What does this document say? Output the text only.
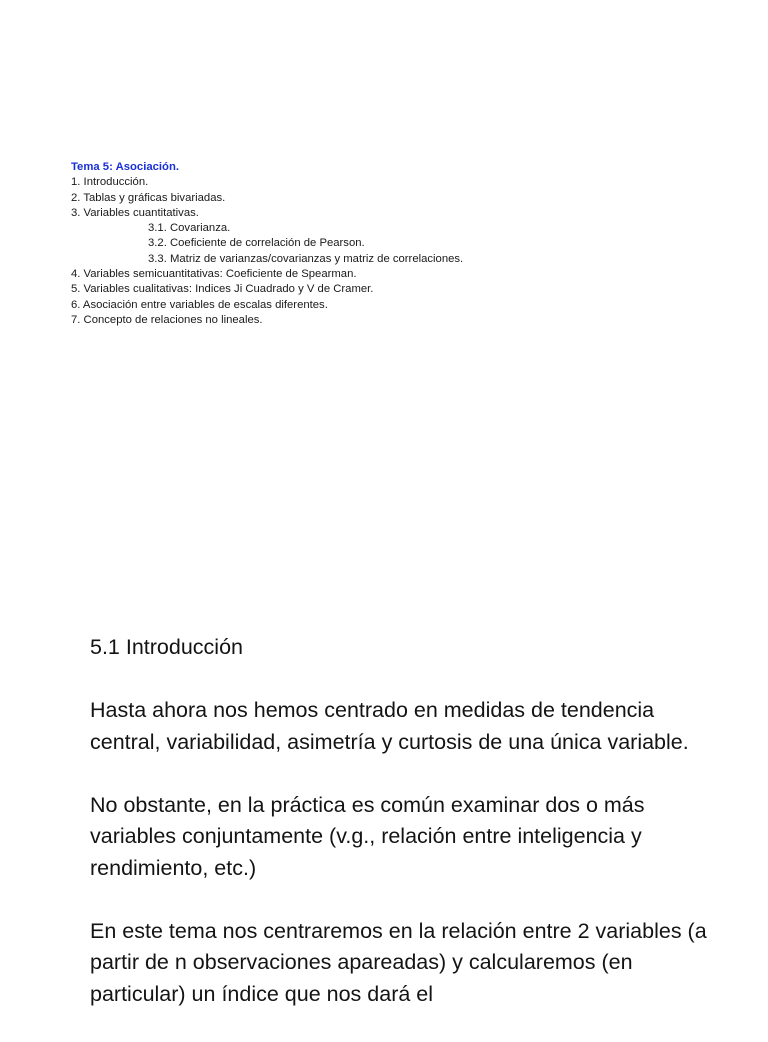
Tema 5: Asociación.
1. Introducción.
2. Tablas y gráficas bivariadas.
3. Variables cuantitativas.
3.1. Covarianza.
3.2. Coeficiente de correlación de Pearson.
3.3. Matriz de varianzas/covarianzas y matriz de correlaciones.
4. Variables semicuantitativas: Coeficiente de Spearman.
5. Variables cualitativas: Indices Ji Cuadrado y V de Cramer.
6. Asociación entre variables de escalas diferentes.
7. Concepto de relaciones no lineales.

5.1 Introducción

Hasta ahora nos hemos centrado en medidas de tendencia central, variabilidad, asimetría y curtosis de una única variable.

No obstante, en la práctica es común examinar dos o más variables conjuntamente (v.g., relación entre inteligencia y rendimiento, etc.)

En este tema nos centraremos en la relación entre 2 variables (a partir de n observaciones apareadas) y calcularemos (en particular) un índice que nos dará el
